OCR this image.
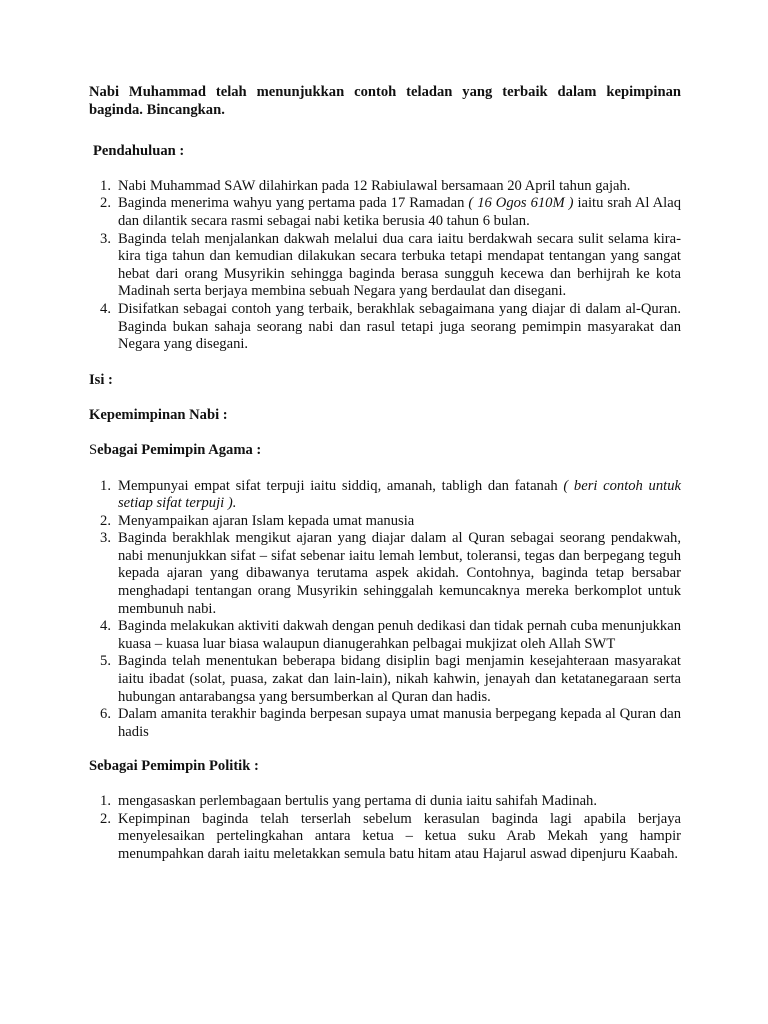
Nabi Muhammad telah menunjukkan contoh teladan yang terbaik dalam kepimpinan baginda. Bincangkan.

Pendahuluan :

1. Nabi Muhammad SAW dilahirkan pada 12 Rabiulawal bersamaan 20 April tahun gajah.
2. Baginda menerima wahyu yang pertama pada 17 Ramadan ( 16 Ogos 610M ) iaitu srah Al Alaq dan dilantik secara rasmi sebagai nabi ketika berusia 40 tahun 6 bulan.
3. Baginda telah menjalankan dakwah melalui dua cara iaitu berdakwah secara sulit selama kira-kira tiga tahun dan kemudian dilakukan secara terbuka tetapi mendapat tentangan yang sangat hebat dari orang Musyrikin sehingga baginda berasa sungguh kecewa dan berhijrah ke kota Madinah serta berjaya membina sebuah Negara yang berdaulat dan disegani.
4. Disifatkan sebagai contoh yang terbaik, berakhlak sebagaimana yang diajar di dalam al-Quran. Baginda bukan sahaja seorang nabi dan rasul tetapi juga seorang pemimpin masyarakat dan Negara yang disegani.

Isi :

Kepemimpinan Nabi :

Sebagai Pemimpin Agama :

1. Mempunyai empat sifat terpuji iaitu siddiq, amanah, tabligh dan fatanah ( beri contoh untuk setiap sifat terpuji ).
2. Menyampaikan ajaran Islam kepada umat manusia
3. Baginda berakhlak mengikut ajaran yang diajar dalam al Quran sebagai seorang pendakwah, nabi menunjukkan sifat – sifat sebenar iaitu lemah lembut, toleransi, tegas dan berpegang teguh kepada ajaran yang dibawanya terutama aspek akidah. Contohnya, baginda tetap bersabar menghadapi tentangan orang Musyrikin sehinggalah kemuncaknya mereka berkomplot untuk membunuh nabi.
4. Baginda melakukan aktiviti dakwah dengan penuh dedikasi dan tidak pernah cuba menunjukkan kuasa – kuasa luar biasa walaupun dianugerahkan pelbagai mukjizat oleh Allah SWT
5. Baginda telah menentukan beberapa bidang disiplin bagi menjamin kesejahteraan masyarakat iaitu ibadat (solat, puasa, zakat dan lain-lain), nikah kahwin, jenayah dan ketatanegaraan serta hubungan antarabangsa yang bersumberkan al Quran dan hadis.
6. Dalam amanita terakhir baginda berpesan supaya umat manusia berpegang kepada al Quran dan hadis

Sebagai Pemimpin Politik :

1. mengasaskan perlembagaan bertulis yang pertama di dunia iaitu sahifah Madinah.
2. Kepimpinan baginda telah terserlah sebelum kerasulan baginda lagi apabila berjaya menyelesaikan pertelingkahan antara ketua – ketua suku Arab Mekah yang hampir menumpahkan darah iaitu meletakkan semula batu hitam atau Hajarul aswad dipenjuru Kaabah.
